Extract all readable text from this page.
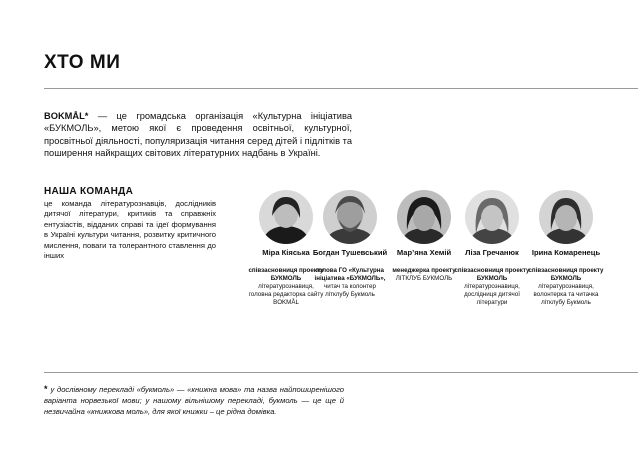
ХТО МИ
BOKMÅL* — це громадська організація «Культурна ініціатива «БУКМОЛЬ», метою якої є проведення освітньої, культурної, просвітньої діяльності, популяризація читання серед дітей і підлітків та поширення найкращих світових літературних надбань в Україні.
НАША КОМАНДА
це команда літературознавців, дослідників дитячої літератури, критиків та справжніх ентузіастів, відданих справі та ідеї формування в Україні культури читання, розвитку критичного мислення, поваги та толерантного ставлення до інших	Міра Кіяська
співзасновниця проекту БУКМОЛЬ
літературознавиця, головна редакторка сайту BOKMÅL
Богдан Тушевський
голова ГО «Культурна ініціатива «БУКМОЛЬ»,
читач та колонтер літклубу Букмоль
Мар’яна Хемій
менеджерка проекту
ЛІТКЛУБ БУКМОЛЬ
Ліза Гречанюк
співзасновниця проекту БУКМОЛЬ
літературознавиця, дослідниця дитячої літератури
Ірина Комаренець
співзасновниця проекту БУКМОЛЬ
літературознавиця, волонтерка та читачка літклубу Букмоль
* у дослівному перекладі «букмоль» — «книжна мова» та назва найпоширенішого варіанта норвезької мови; у нашому вільнішому перекладі, букмоль — це ще й незвичайна «книжкова моль», для якої книжки – це рідна домівка.
